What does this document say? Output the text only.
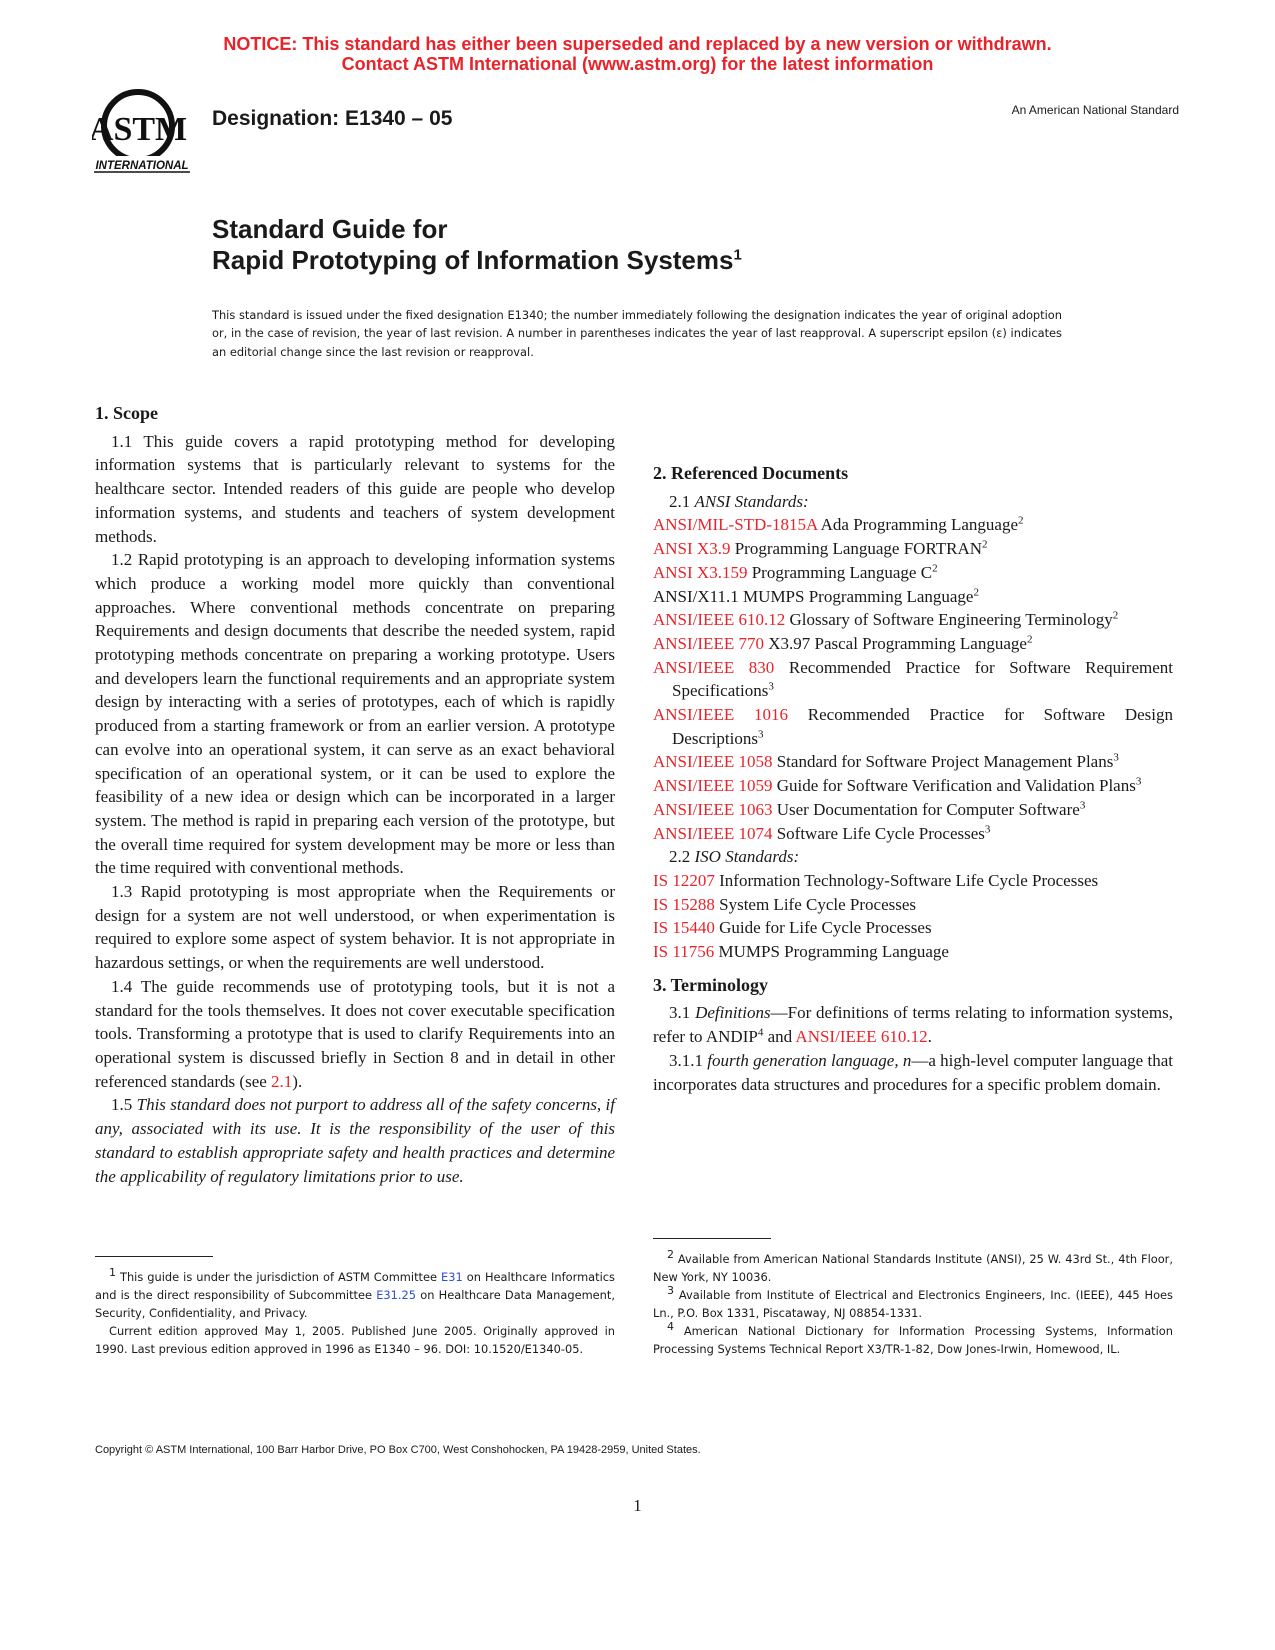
NOTICE: This standard has either been superseded and replaced by a new version or withdrawn.
Contact ASTM International (www.astm.org) for the latest information
ASTM
INTERNATIONAL
Designation: E1340 – 05	An American National Standard
Standard Guide for
Rapid Prototyping of Information Systems$^1$
This standard is issued under the fixed designation E1340; the number immediately following the designation indicates the year of original adoption or, in the case of revision, the year of last revision. A number in parentheses indicates the year of last reapproval. A superscript epsilon (ε) indicates an editorial change since the last revision or reapproval.
1. Scope

1.1 This guide covers a rapid prototyping method for developing information systems that is particularly relevant to systems for the healthcare sector. Intended readers of this guide are people who develop information systems, and students and teachers of system development methods.

1.2 Rapid prototyping is an approach to developing information systems which produce a working model more quickly than conventional approaches. Where conventional methods concentrate on preparing Requirements and design documents that describe the needed system, rapid prototyping methods concentrate on preparing a working prototype. Users and developers learn the functional requirements and an appropriate system design by interacting with a series of prototypes, each of which is rapidly produced from a starting framework or from an earlier version. A prototype can evolve into an operational system, it can serve as an exact behavioral specification of an operational system, or it can be used to explore the feasibility of a new idea or design which can be incorporated in a larger system. The method is rapid in preparing each version of the prototype, but the overall time required for system development may be more or less than the time required with conventional methods.

1.3 Rapid prototyping is most appropriate when the Requirements or design for a system are not well understood, or when experimentation is required to explore some aspect of system behavior. It is not appropriate in hazardous settings, or when the requirements are well understood.

1.4 The guide recommends use of prototyping tools, but it is not a standard for the tools themselves. It does not cover executable specification tools. Transforming a prototype that is used to clarify Requirements into an operational system is discussed briefly in Section 8 and in detail in other referenced standards (see 2.1).

1.5 This standard does not purport to address all of the safety concerns, if any, associated with its use. It is the responsibility of the user of this standard to establish appropriate safety and health practices and determine the applicability of regulatory limitations prior to use.

2. Referenced Documents

2.1 ANSI Standards:

ANSI/MIL-STD-1815A Ada Programming Language$^2$

ANSI X3.9 Programming Language FORTRAN$^2$

ANSI X3.159 Programming Language $C^2$

ANSI/X11.1 MUMPS Programming Language$^2$

ANSI/IEEE 610.12 Glossary of Software Engineering Terminology$^2$

ANSI/IEEE 770 X3.97 Pascal Programming Language$^2$

ANSI/IEEE 830 Recommended Practice for Software Requirement Specifications$^3$

ANSI/IEEE 1016 Recommended Practice for Software Design Descriptions$^3$

ANSI/IEEE 1058 Standard for Software Project Management Plans$^3$

ANSI/IEEE 1059 Guide for Software Verification and Validation Plans$^3$

ANSI/IEEE 1063 User Documentation for Computer Software$^3$

ANSI/IEEE 1074 Software Life Cycle Processes$^3$

2.2 ISO Standards:

IS 12207 Information Technology-Software Life Cycle Processes

IS 15288 System Life Cycle Processes

IS 15440 Guide for Life Cycle Processes

IS 11756 MUMPS Programming Language

3. Terminology

3.1 Definitions—For definitions of terms relating to information systems, refer to ANDIP$^4$ and ANSI/IEEE 610.12.

3.1.1 fourth generation language, n—a high-level computer language that incorporates data structures and procedures for a specific problem domain.

$^1$ This guide is under the jurisdiction of ASTM Committee E31 on Healthcare Informatics and is the direct responsibility of Subcommittee E31.25 on Healthcare Data Management, Security, Confidentiality, and Privacy.

Current edition approved May 1, 2005. Published June 2005. Originally approved in 1990. Last previous edition approved in 1996 as E1340 – 96. DOI: 10.1520/E1340-05.

$^2$ Available from American National Standards Institute (ANSI), 25 W. 43rd St., 4th Floor, New York, NY 10036.

$^3$ Available from Institute of Electrical and Electronics Engineers, Inc. (IEEE), 445 Hoes Ln., P.O. Box 1331, Piscataway, NJ 08854-1331.

$^4$ American National Dictionary for Information Processing Systems, Information Processing Systems Technical Report X3/TR-1-82, Dow Jones-Irwin, Homewood, IL.

Copyright © ASTM International, 100 Barr Harbor Drive, PO Box C700, West Conshohocken, PA 19428-2959, United States.
1
